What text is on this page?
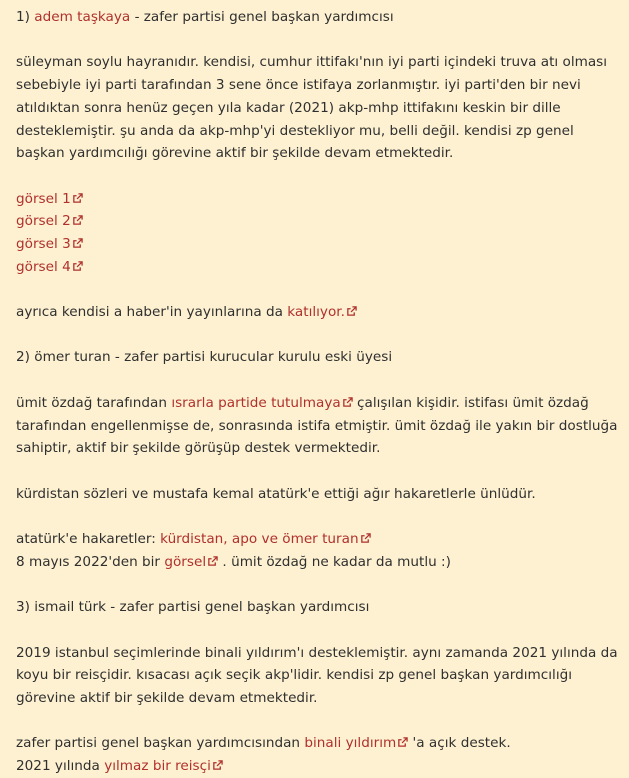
1) adem taşkaya - zafer partisi genel başkan yardımcısı

süleyman soylu hayranıdır. kendisi, cumhur ittifakı'nın iyi parti içindeki truva atı olması sebebiyle iyi parti tarafından 3 sene önce istifaya zorlanmıştır. iyi parti'den bir nevi atıldıktan sonra henüz geçen yıla kadar (2021) akp-mhp ittifakını keskin bir dille desteklemiştir. şu anda da akp-mhp'yi destekliyor mu, belli değil. kendisi zp genel başkan yardımcılığı görevine aktif bir şekilde devam etmektedir.

görsel 1
görsel 2
görsel 3
görsel 4

ayrıca kendisi a haber'in yayınlarına da katılıyor.

2) ömer turan - zafer partisi kurucular kurulu eski üyesi

ümit özdağ tarafından ısrarla partide tutulmaya
çalışılan kişidir. istifası ümit özdağ tarafından engellenmişse de, sonrasında istifa etmiştir. ümit özdağ ile yakın bir dostluğa sahiptir, aktif bir şekilde görüşüp destek vermektedir.

kürdistan sözleri ve mustafa kemal atatürk'e ettiği ağır hakaretlerle ünlüdür.

atatürk'e hakaretler: kürdistan, apo ve ömer turan
8 mayıs 2022'den bir görsel
. ümit özdağ ne kadar da mutlu :)

3) ismail türk - zafer partisi genel başkan yardımcısı

2019 istanbul seçimlerinde binali yıldırım'ı desteklemiştir. aynı zamanda 2021 yılında da koyu bir reisçidir. kısacası açık seçik akp'lidir. kendisi zp genel başkan yardımcılığı görevine aktif bir şekilde devam etmektedir.

zafer partisi genel başkan yardımcısından binali yıldırım
'a açık destek.
2021 yılında yılmaz bir reisçi
